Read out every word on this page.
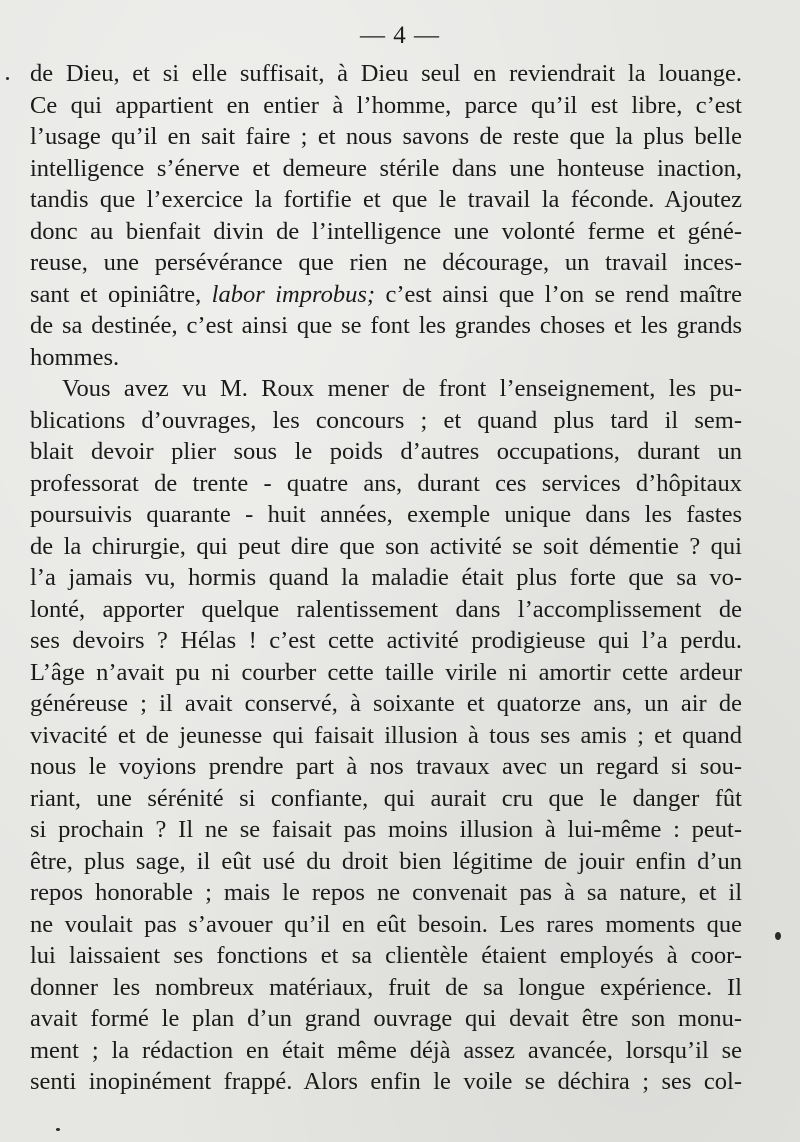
— 4 —
de Dieu, et si elle suffisait, à Dieu seul en reviendrait la louange.
Ce qui appartient en entier à l’homme, parce qu’il est libre, c’est
l’usage qu’il en sait faire ; et nous savons de reste que la plus belle
intelligence s’énerve et demeure stérile dans une honteuse inaction,
tandis que l’exercice la fortifie et que le travail la féconde. Ajoutez
donc au bienfait divin de l’intelligence une volonté ferme et géné-
reuse, une persévérance que rien ne décourage, un travail inces-
sant et opiniâtre, labor improbus; c’est ainsi que l’on se rend maître
de sa destinée, c’est ainsi que se font les grandes choses et les grands
hommes.
Vous avez vu M. Roux mener de front l’enseignement, les pu-
blications d’ouvrages, les concours ; et quand plus tard il sem-
blait devoir plier sous le poids d’autres occupations, durant un
professorat de trente - quatre ans, durant ces services d’hôpitaux
poursuivis quarante - huit années, exemple unique dans les fastes
de la chirurgie, qui peut dire que son activité se soit démentie ? qui
l’a jamais vu, hormis quand la maladie était plus forte que sa vo-
lonté, apporter quelque ralentissement dans l’accomplissement de
ses devoirs ? Hélas ! c’est cette activité prodigieuse qui l’a perdu.
L’âge n’avait pu ni courber cette taille virile ni amortir cette ardeur
généreuse ; il avait conservé, à soixante et quatorze ans, un air de
vivacité et de jeunesse qui faisait illusion à tous ses amis ; et quand
nous le voyions prendre part à nos travaux avec un regard si sou-
riant, une sérénité si confiante, qui aurait cru que le danger fût
si prochain ? Il ne se faisait pas moins illusion à lui-même : peut-
être, plus sage, il eût usé du droit bien légitime de jouir enfin d’un
repos honorable ; mais le repos ne convenait pas à sa nature, et il
ne voulait pas s’avouer qu’il en eût besoin. Les rares moments que
lui laissaient ses fonctions et sa clientèle étaient employés à coor-
donner les nombreux matériaux, fruit de sa longue expérience. Il
avait formé le plan d’un grand ouvrage qui devait être son monu-
ment ; la rédaction en était même déjà assez avancée, lorsqu’il se
senti inopinément frappé. Alors enfin le voile se déchira ; ses col-
